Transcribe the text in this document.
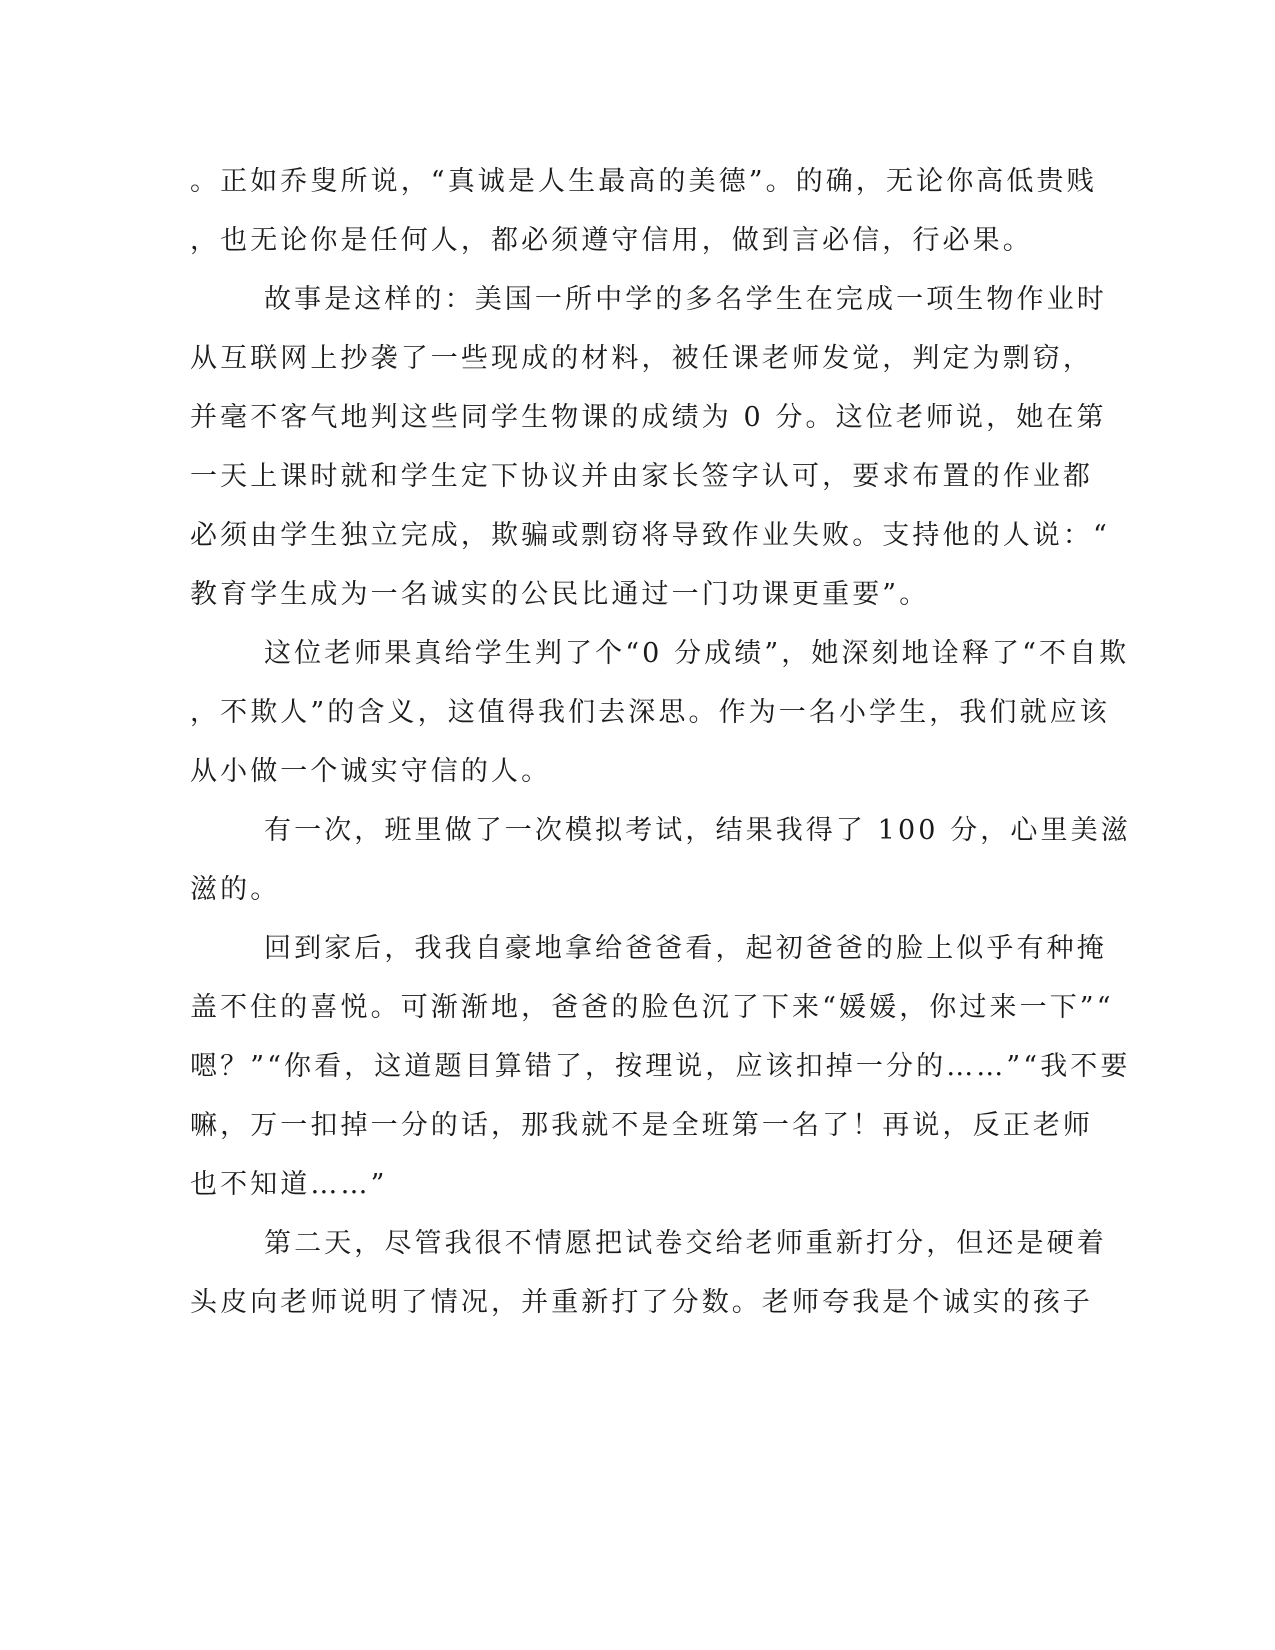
。正如乔叟所说，“真诚是人生最高的美德”。的确，无论你高低贵贱

，也无论你是任何人，都必须遵守信用，做到言必信，行必果。

故事是这样的：美国一所中学的多名学生在完成一项生物作业时

从互联网上抄袭了一些现成的材料，被任课老师发觉，判定为剽窃，

并毫不客气地判这些同学生物课的成绩为 0 分。这位老师说，她在第

一天上课时就和学生定下协议并由家长签字认可，要求布置的作业都

必须由学生独立完成，欺骗或剽窃将导致作业失败。支持他的人说：“

教育学生成为一名诚实的公民比通过一门功课更重要”。

这位老师果真给学生判了个“0 分成绩”，她深刻地诠释了“不自欺

，不欺人”的含义，这值得我们去深思。作为一名小学生，我们就应该

从小做一个诚实守信的人。

有一次，班里做了一次模拟考试，结果我得了 100 分，心里美滋

滋的。

回到家后，我我自豪地拿给爸爸看，起初爸爸的脸上似乎有种掩

盖不住的喜悦。可渐渐地，爸爸的脸色沉了下来“媛媛，你过来一下”“

嗯？”“你看，这道题目算错了，按理说，应该扣掉一分的……”“我不要

嘛，万一扣掉一分的话，那我就不是全班第一名了！再说，反正老师

也不知道……”

第二天，尽管我很不情愿把试卷交给老师重新打分，但还是硬着

头皮向老师说明了情况，并重新打了分数。老师夸我是个诚实的孩子
